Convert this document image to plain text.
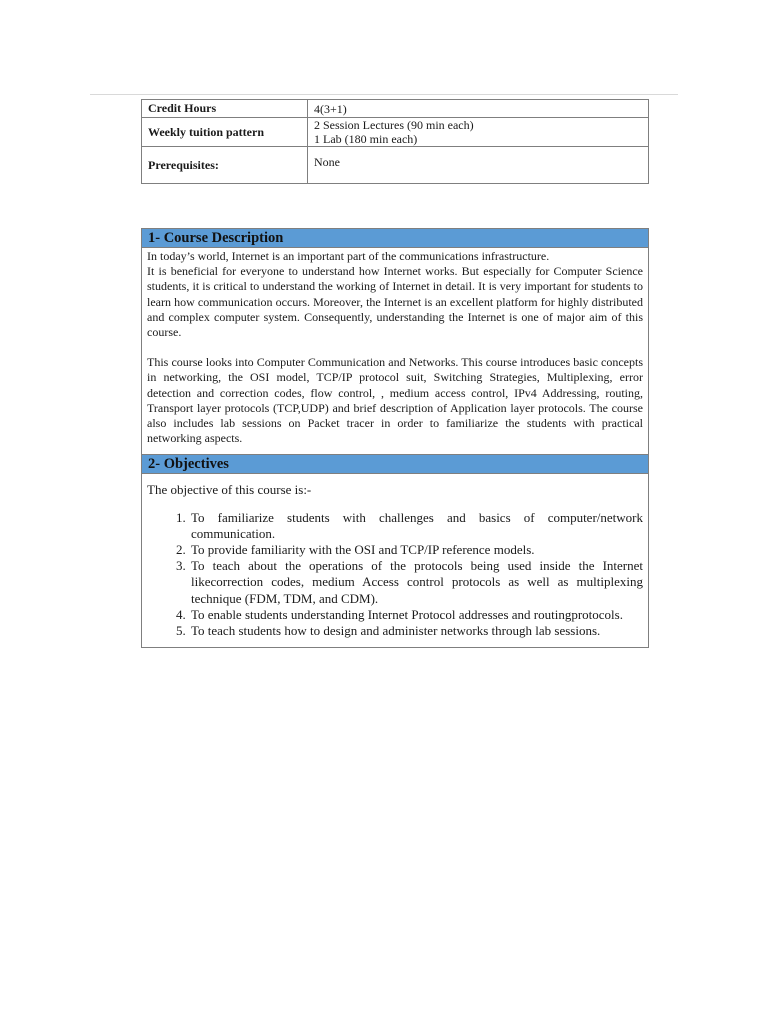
Credit Hours	4(3+1)

Weekly tuition pattern	2 Session Lectures (90 min each)
1 Lab (180 min each)

Prerequisites:	None
1- Course Description

In today’s world, Internet is an important part of the communications infrastructure.

It is beneficial for everyone to understand how Internet works. But especially for Computer Science students, it is critical to understand the working of Internet in detail. It is very important for students to learn how communication occurs. Moreover, the Internet is an excellent platform for highly distributed and complex computer system. Consequently, understanding the Internet is one of major aim of this course.

This course looks into Computer Communication and Networks. This course introduces basic concepts in networking, the OSI model, TCP/IP protocol suit, Switching Strategies, Multiplexing, error detection and correction codes, flow control, , medium access control, IPv4 Addressing, routing, Transport layer protocols (TCP,UDP) and brief description of Application layer protocols. The course also includes lab sessions on Packet tracer in order to familiarize the students with practical networking aspects.

2- Objectives

The objective of this course is:-

1. To familiarize students with challenges and basics of computer/network communication.
2. To provide familiarity with the OSI and TCP/IP reference models.
3. To teach about the operations of the protocols being used inside the Internet likecorrection codes, medium Access control protocols as well as multiplexing technique (FDM, TDM, and CDM).
4. To enable students understanding Internet Protocol addresses and routingprotocols.
5. To teach students how to design and administer networks through lab sessions.
